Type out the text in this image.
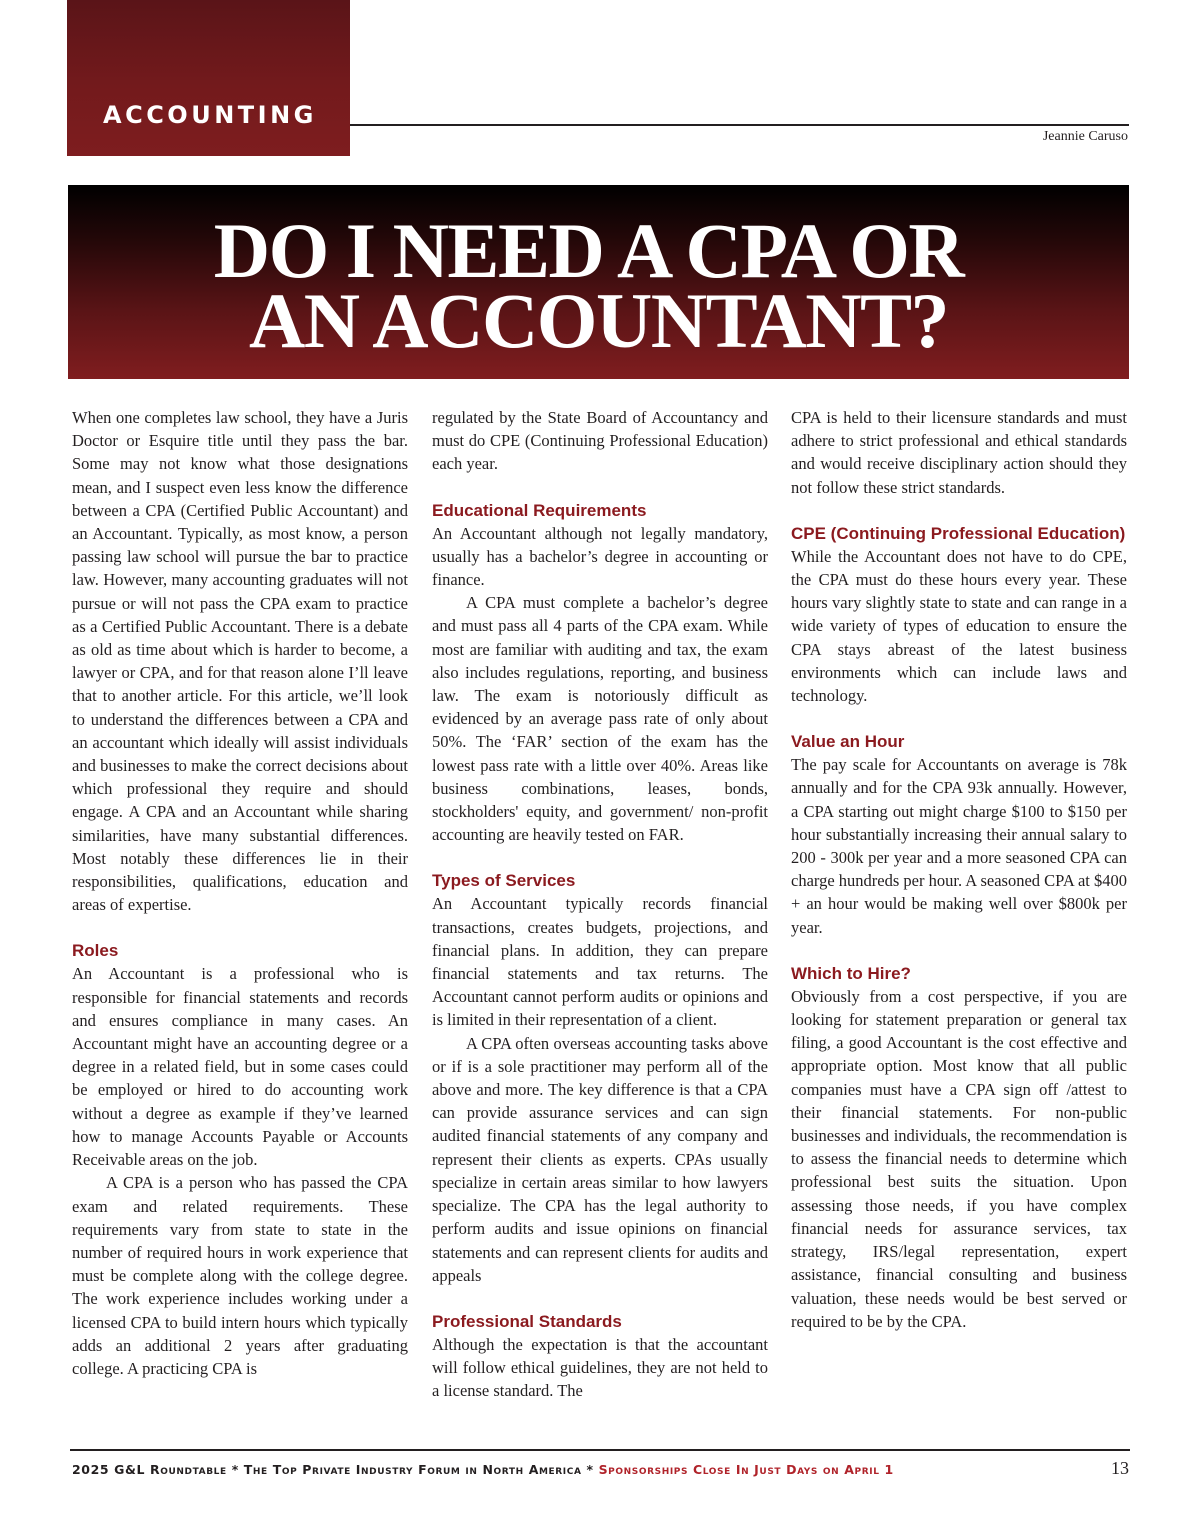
ACCOUNTING
Jeannie Caruso
DO I NEED A CPA OR
AN ACCOUNTANT?

When one completes law school, they have a Juris Doctor or Esquire title until they pass the bar. Some may not know what those designations mean, and I suspect even less know the difference between a CPA (Certified Public Accountant) and an Accountant. Typically, as most know, a person passing law school will pursue the bar to practice law. However, many accounting graduates will not pursue or will not pass the CPA exam to practice as a Certified Public Accountant. There is a debate as old as time about which is harder to become, a lawyer or CPA, and for that reason alone I’ll leave that to another article. For this article, we’ll look to understand the differences between a CPA and an accountant which ideally will assist individuals and businesses to make the correct decisions about which professional they require and should engage. A CPA and an Accountant while sharing similarities, have many substantial differences. Most notably these differences lie in their responsibilities, qualifications, education and areas of expertise.

Roles

An Accountant is a professional who is responsible for financial statements and records and ensures compliance in many cases. An Accountant might have an accounting degree or a degree in a related field, but in some cases could be employed or hired to do accounting work without a degree as example if they’ve learned how to manage Accounts Payable or Accounts Receivable areas on the job.

A CPA is a person who has passed the CPA exam and related requirements. These requirements vary from state to state in the number of required hours in work experience that must be complete along with the college degree. The work experience includes working under a licensed CPA to build intern hours which typically adds an additional 2 years after graduating college. A practicing CPA is

regulated by the State Board of Accountancy and must do CPE (Continuing Professional Education) each year.

Educational Requirements

An Accountant although not legally mandatory, usually has a bachelor’s degree in accounting or finance.

A CPA must complete a bachelor’s degree and must pass all 4 parts of the CPA exam. While most are familiar with auditing and tax, the exam also includes regulations, reporting, and business law. The exam is notoriously difficult as evidenced by an average pass rate of only about 50%. The ‘FAR’ section of the exam has the lowest pass rate with a little over 40%. Areas like business combinations, leases, bonds, stockholders' equity, and government/ non-profit accounting are heavily tested on FAR.

Types of Services

An Accountant typically records financial transactions, creates budgets, projections, and financial plans. In addition, they can prepare financial statements and tax returns. The Accountant cannot perform audits or opinions and is limited in their representation of a client.

A CPA often overseas accounting tasks above or if is a sole practitioner may perform all of the above and more. The key difference is that a CPA can provide assurance services and can sign audited financial statements of any company and represent their clients as experts. CPAs usually specialize in certain areas similar to how lawyers specialize. The CPA has the legal authority to perform audits and issue opinions on financial statements and can represent clients for audits and appeals

Professional Standards

Although the expectation is that the accountant will follow ethical guidelines, they are not held to a license standard. The

CPA is held to their licensure standards and must adhere to strict professional and ethical standards and would receive disciplinary action should they not follow these strict standards.

CPE (Continuing Professional Education)

While the Accountant does not have to do CPE, the CPA must do these hours every year. These hours vary slightly state to state and can range in a wide variety of types of education to ensure the CPA stays abreast of the latest business environments which can include laws and technology.

Value an Hour

The pay scale for Accountants on average is 78k annually and for the CPA 93k annually. However, a CPA starting out might charge $100 to $150 per hour substantially increasing their annual salary to 200 - 300k per year and a more seasoned CPA can charge hundreds per hour. A seasoned CPA at $400 + an hour would be making well over $800k per year.

Which to Hire?

Obviously from a cost perspective, if you are looking for statement preparation or general tax filing, a good Accountant is the cost effective and appropriate option. Most know that all public companies must have a CPA sign off /attest to their financial statements. For non-public businesses and individuals, the recommendation is to assess the financial needs to determine which professional best suits the situation. Upon assessing those needs, if you have complex financial needs for assurance services, tax strategy, IRS/legal representation, expert assistance, financial consulting and business valuation, these needs would be best served or required to be by the CPA.

2025 G&L Roundtable * The Top Private Industry Forum in North America * Sponsorships Close In Just Days on April 1	13
